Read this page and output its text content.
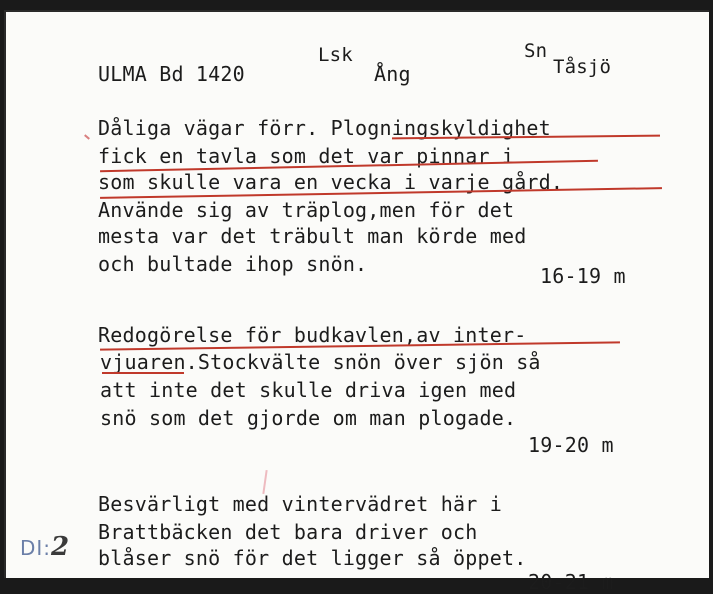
ULMA Bd 1420
Lsk
Ång
Sn
Tåsjö
Dåliga vägar förr. Plogningskyldighet
fick en tavla som det var pinnar i
som skulle vara en vecka i varje gård.
Använde sig av träplog,men för det
mesta var det träbult man körde med
och bultade ihop snön.	16-19 m
Redogörelse för budkavlen,av inter-
vjuaren.Stockvälte snön över sjön så
att inte det skulle driva igen med
snö som det gjorde om man plogade.
19-20 m
Besvärligt med vintervädret här i
Brattbäcken det bara driver och
blåser snö för det ligger så öppet.
20-21 m
DI:2
